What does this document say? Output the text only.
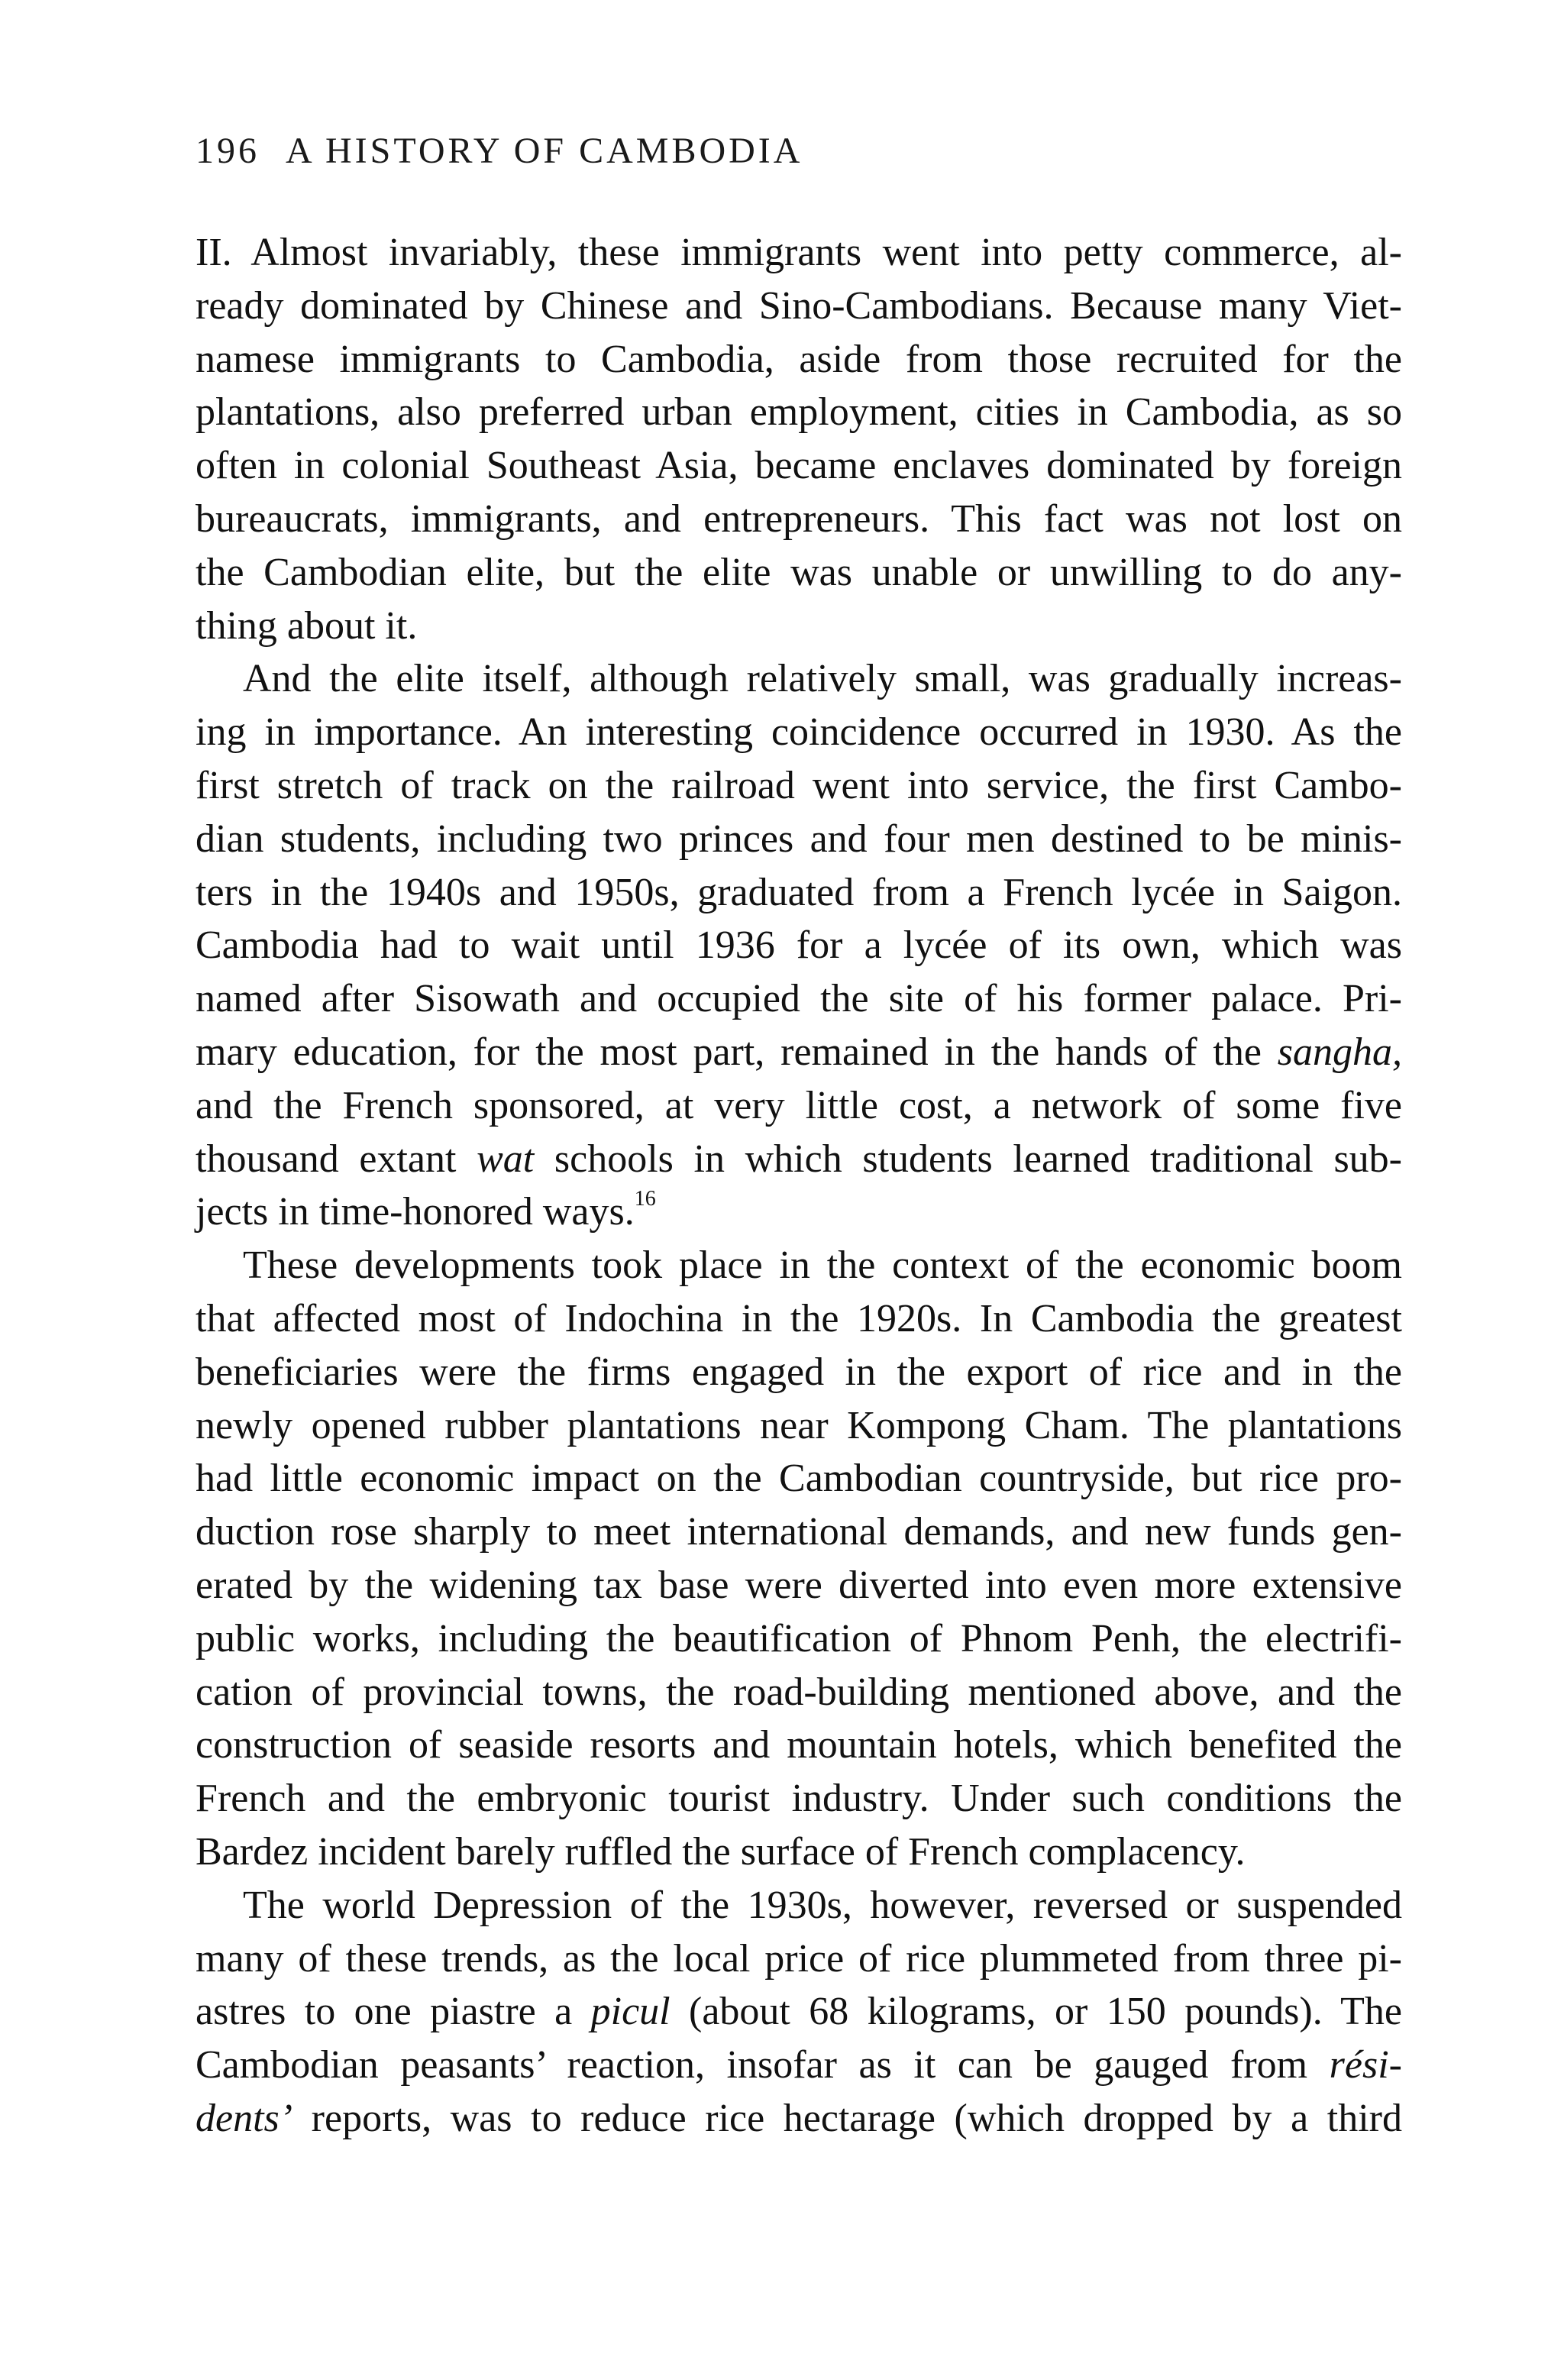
196 A HISTORY OF CAMBODIA
II. Almost invariably, these immigrants went into petty commerce, al-
ready dominated by Chinese and Sino-Cambodians. Because many Viet-
namese immigrants to Cambodia, aside from those recruited for the
plantations, also preferred urban employment, cities in Cambodia, as so
often in colonial Southeast Asia, became enclaves dominated by foreign
bureaucrats, immigrants, and entrepreneurs. This fact was not lost on
the Cambodian elite, but the elite was unable or unwilling to do any-
thing about it.
And the elite itself, although relatively small, was gradually increas-
ing in importance. An interesting coincidence occurred in 1930. As the
first stretch of track on the railroad went into service, the first Cambo-
dian students, including two princes and four men destined to be minis-
ters in the 1940s and 1950s, graduated from a French lycée in Saigon.
Cambodia had to wait until 1936 for a lycée of its own, which was
named after Sisowath and occupied the site of his former palace. Pri-
mary education, for the most part, remained in the hands of the sangha,
and the French sponsored, at very little cost, a network of some five
thousand extant wat schools in which students learned traditional sub-
jects in time-honored ways.$^{16}$
These developments took place in the context of the economic boom
that affected most of Indochina in the 1920s. In Cambodia the greatest
beneficiaries were the firms engaged in the export of rice and in the
newly opened rubber plantations near Kompong Cham. The plantations
had little economic impact on the Cambodian countryside, but rice pro-
duction rose sharply to meet international demands, and new funds gen-
erated by the widening tax base were diverted into even more extensive
public works, including the beautification of Phnom Penh, the electrifi-
cation of provincial towns, the road-building mentioned above, and the
construction of seaside resorts and mountain hotels, which benefited the
French and the embryonic tourist industry. Under such conditions the
Bardez incident barely ruffled the surface of French complacency.
The world Depression of the 1930s, however, reversed or suspended
many of these trends, as the local price of rice plummeted from three pi-
astres to one piastre a picul (about 68 kilograms, or 150 pounds). The
Cambodian peasants’ reaction, insofar as it can be gauged from rési-
dents’ reports, was to reduce rice hectarage (which dropped by a third
